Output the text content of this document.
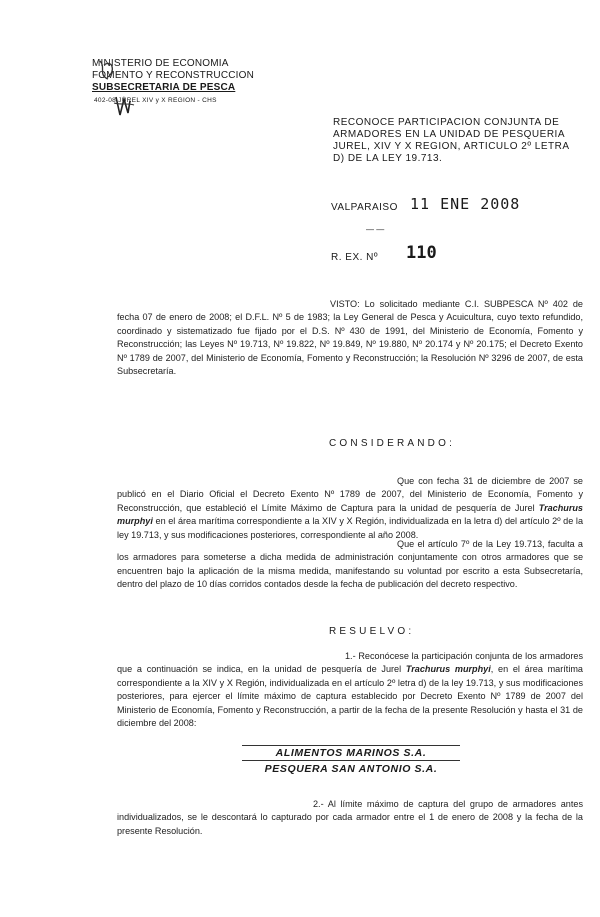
MINISTERIO DE ECONOMIA
FOMENTO Y RECONSTRUCCION
SUBSECRETARIA DE PESCA
402-08 JUREL XIV y X REGION - CHS
RECONOCE PARTICIPACION CONJUNTA DE ARMADORES EN LA UNIDAD DE PESQUERIA JUREL, XIV Y X REGION, ARTICULO 2º LETRA D) DE LA LEY 19.713.
VALPARAISO 11 ENE 2008
— —
R. EX. Nº 110
VISTO: Lo solicitado mediante C.I. SUBPESCA Nº 402 de fecha 07 de enero de 2008; el D.F.L. Nº 5 de 1983; la Ley General de Pesca y Acuicultura, cuyo texto refundido, coordinado y sistematizado fue fijado por el D.S. Nº 430 de 1991, del Ministerio de Economía, Fomento y Reconstrucción; las Leyes Nº 19.713, Nº 19.822, Nº 19.849, Nº 19.880, Nº 20.174 y Nº 20.175; el Decreto Exento Nº 1789 de 2007, del Ministerio de Economía, Fomento y Reconstrucción; la Resolución Nº 3296 de 2007, de esta Subsecretaría.
CONSIDERANDO:
Que con fecha 31 de diciembre de 2007 se publicó en el Diario Oficial el Decreto Exento Nº 1789 de 2007, del Ministerio de Economía, Fomento y Reconstrucción, que estableció el Límite Máximo de Captura para la unidad de pesquería de Jurel Trachurus murphyi en el área marítima correspondiente a la XIV y X Región, individualizada en la letra d) del artículo 2º de la ley 19.713, y sus modificaciones posteriores, correspondiente al año 2008.
Que el artículo 7º de la Ley 19.713, faculta a los armadores para someterse a dicha medida de administración conjuntamente con otros armadores que se encuentren bajo la aplicación de la misma medida, manifestando su voluntad por escrito a esta Subsecretaría, dentro del plazo de 10 días corridos contados desde la fecha de publicación del decreto respectivo.
RESUELVO:
1.- Reconócese la participación conjunta de los armadores que a continuación se indica, en la unidad de pesquería de Jurel Trachurus murphyi, en el área marítima correspondiente a la XIV y X Región, individualizada en el artículo 2º letra d) de la ley 19.713, y sus modificaciones posteriores, para ejercer el límite máximo de captura establecido por Decreto Exento Nº 1789 de 2007 del Ministerio de Economía, Fomento y Reconstrucción, a partir de la fecha de la presente Resolución y hasta el 31 de diciembre del 2008:
ALIMENTOS MARINOS S.A.
PESQUERA SAN ANTONIO S.A.
2.- Al límite máximo de captura del grupo de armadores antes individualizados, se le descontará lo capturado por cada armador entre el 1 de enero de 2008 y la fecha de la presente Resolución.
